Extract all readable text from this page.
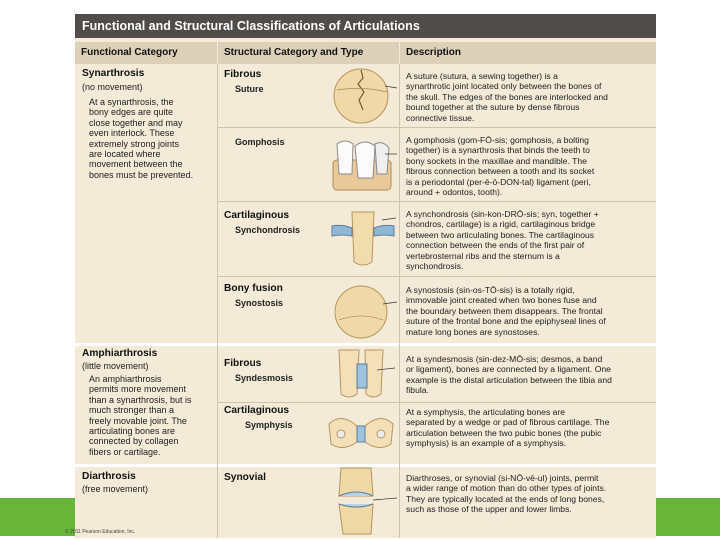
Functional and Structural Classifications of Articulations
Functional Category	Structural Category and Type	Description
Synarthrosis
(no movement)
At a synarthrosis, the
bony edges are quite
close together and may
even interlock. These
extremely strong joints
are located where
movement between the
bones must be prevented.
Amphiarthrosis
(little movement)
An amphiarthrosis
permits more movement
than a synarthrosis, but is
much stronger than a
freely movable joint. The
articulating bones are
connected by collagen
fibers or cartilage.
Diarthrosis
(free movement)
Fibrous
Suture
Gomphosis
Cartilaginous
Synchondrosis
Bony fusion
Synostosis
Fibrous
Syndesmosis
Cartilaginous
Symphysis
Synovial
A suture (sutura, a sewing together) is a
synarthrotic joint located only between the bones of
the skull. The edges of the bones are interlocked and
bound together at the suture by dense fibrous
connective tissue.
A gomphosis (gom-FŌ-sis; gomphosis, a bolting
together) is a synarthrosis that binds the teeth to
bony sockets in the maxillae and mandible. The
fibrous connection between a tooth and its socket
is a periodontal (per-ē-ō-DON-tal) ligament (peri,
around + odontos, tooth).
A synchondrosis (sin-kon-DRŌ-sis; syn, together +
chondros, cartilage) is a rigid, cartilaginous bridge
between two articulating bones. The cartilaginous
connection between the ends of the first pair of
vertebrosternal ribs and the sternum is a
synchondrosis.
A synostosis (sin-os-TŌ-sis) is a totally rigid,
immovable joint created when two bones fuse and
the boundary between them disappears. The frontal
suture of the frontal bone and the epiphyseal lines of
mature long bones are synostoses.
At a syndesmosis (sin-dez-MŌ-sis; desmos, a band
or ligament), bones are connected by a ligament. One
example is the distal articulation between the tibia and
fibula.
At a symphysis, the articulating bones are
separated by a wedge or pad of fibrous cartilage. The
articulation between the two pubic bones (the pubic
symphysis) is an example of a symphysis.
Diarthroses, or synovial (si-NŌ-vē-ul) joints, permit
a wider range of motion than do other types of joints.
They are typically located at the ends of long bones,
such as those of the upper and lower limbs.
© 2011 Pearson Education, Inc.
